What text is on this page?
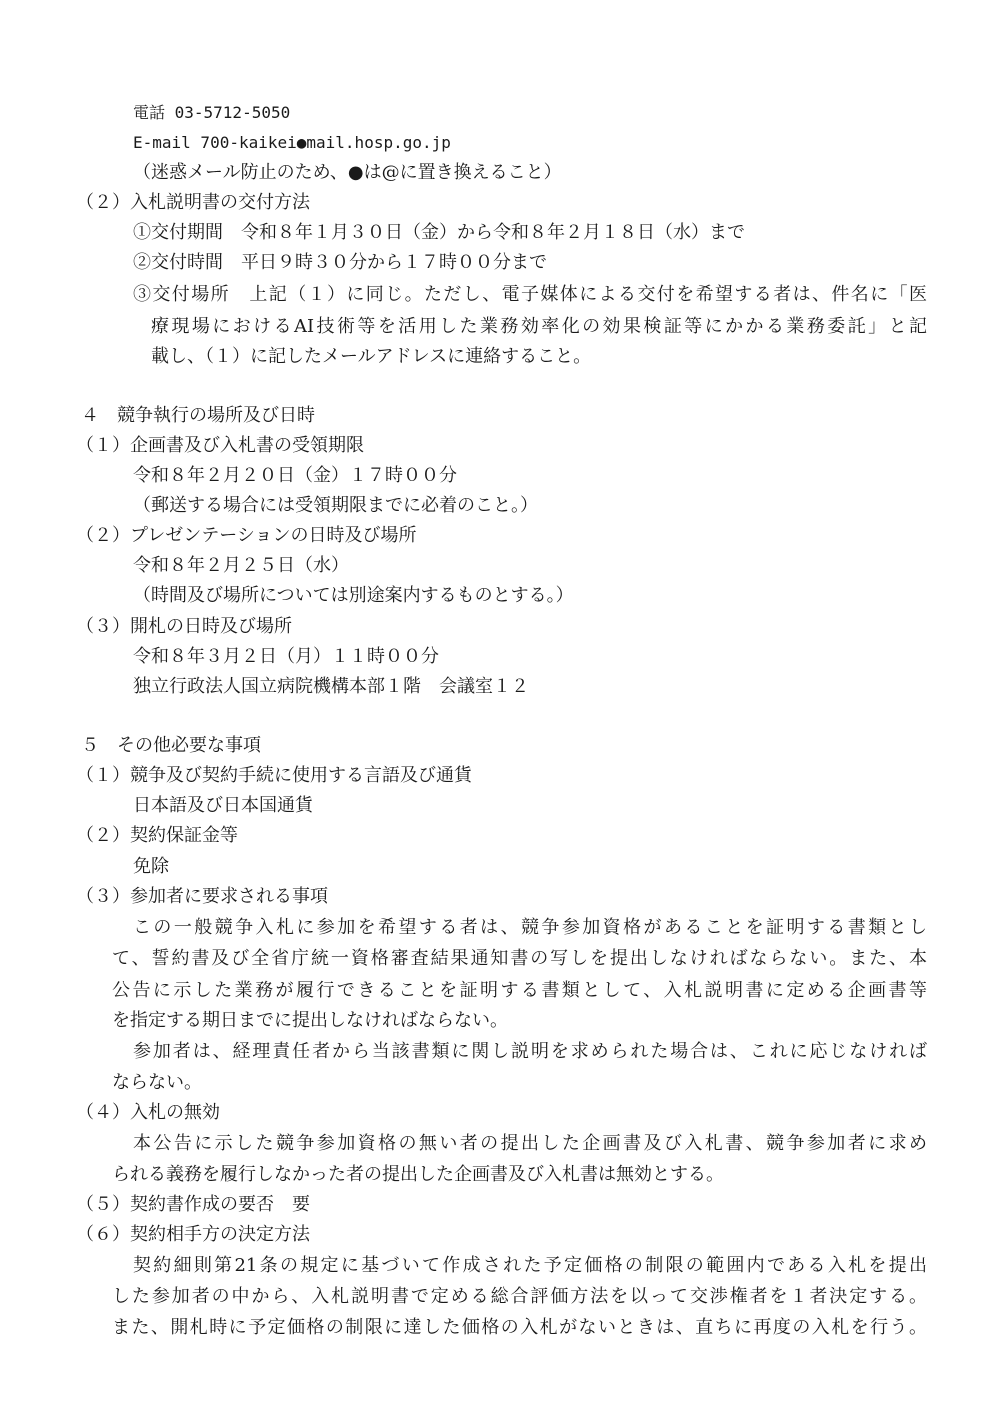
電話 03-5712-5050
E-mail 700-kaikei●mail.hosp.go.jp
（迷惑メール防止のため、●は@に置き換えること）
（２）入札説明書の交付方法
①交付期間　令和８年１月３０日（金）から令和８年２月１８日（水）まで
②交付時間　平日９時３０分から１７時００分まで
③交付場所　上記（１）に同じ。ただし、電子媒体による交付を希望する者は、件名に「医
療現場におけるAI技術等を活用した業務効率化の効果検証等にかかる業務委託」と記
載し、（１）に記したメールアドレスに連絡すること。
４　競争執行の場所及び日時
（１）企画書及び入札書の受領期限
令和８年２月２０日（金）１７時００分
（郵送する場合には受領期限までに必着のこと。）
（２）プレゼンテーションの日時及び場所
令和８年２月２５日（水）
（時間及び場所については別途案内するものとする。）
（３）開札の日時及び場所
令和８年３月２日（月）１１時００分
独立行政法人国立病院機構本部１階　会議室１２
５　その他必要な事項
（１）競争及び契約手続に使用する言語及び通貨
日本語及び日本国通貨
（２）契約保証金等
免除
（３）参加者に要求される事項
この一般競争入札に参加を希望する者は、競争参加資格があることを証明する書類とし
て、誓約書及び全省庁統一資格審査結果通知書の写しを提出しなければならない。また、本
公告に示した業務が履行できることを証明する書類として、入札説明書に定める企画書等
を指定する期日までに提出しなければならない。
参加者は、経理責任者から当該書類に関し説明を求められた場合は、これに応じなければ
ならない。
（４）入札の無効
本公告に示した競争参加資格の無い者の提出した企画書及び入札書、競争参加者に求め
られる義務を履行しなかった者の提出した企画書及び入札書は無効とする。
（５）契約書作成の要否　要
（６）契約相手方の決定方法
契約細則第21条の規定に基づいて作成された予定価格の制限の範囲内である入札を提出
した参加者の中から、入札説明書で定める総合評価方法を以って交渉権者を１者決定する。
また、開札時に予定価格の制限に達した価格の入札がないときは、直ちに再度の入札を行う。
